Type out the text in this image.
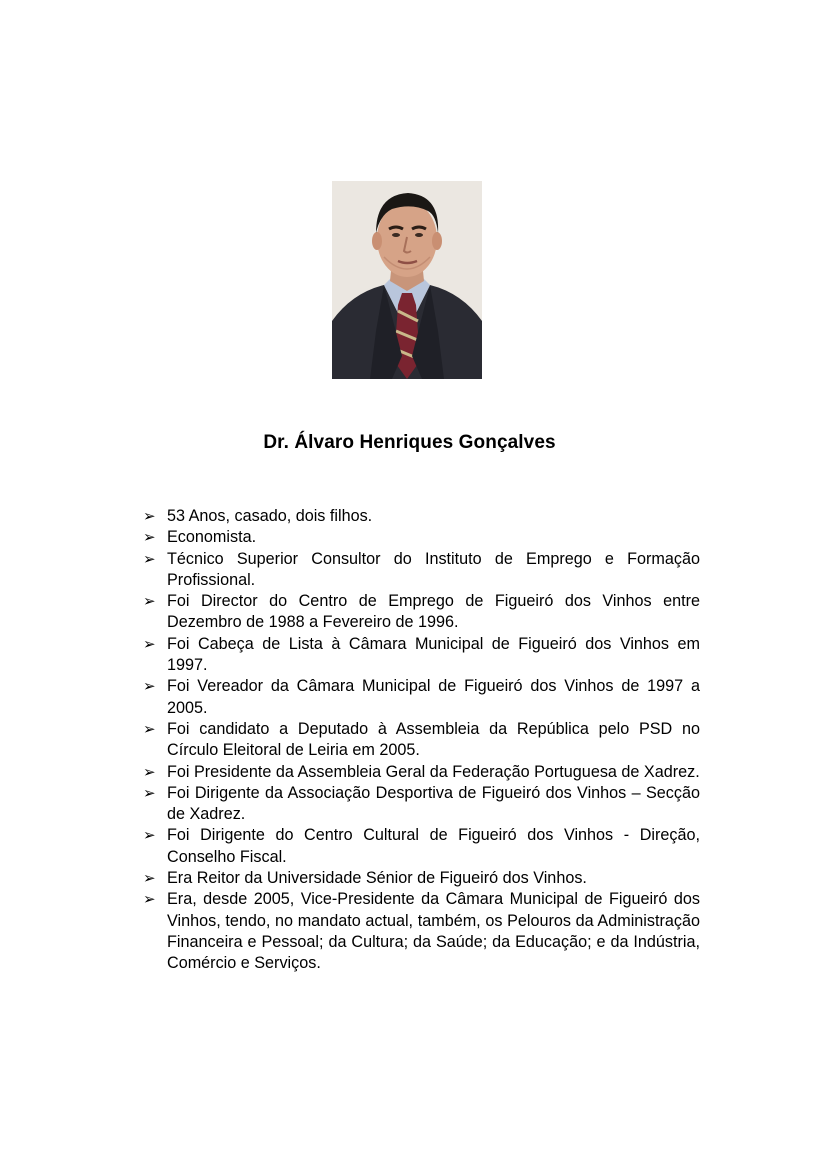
Dr. Álvaro Henriques Gonçalves
➢ 53 Anos, casado, dois filhos.
➢ Economista.
➢ Técnico Superior Consultor do Instituto de Emprego e Formação Profissional.
➢ Foi Director do Centro de Emprego de Figueiró dos Vinhos entre Dezembro de 1988 a Fevereiro de 1996.
➢ Foi Cabeça de Lista à Câmara Municipal de Figueiró dos Vinhos em 1997.
➢ Foi Vereador da Câmara Municipal de Figueiró dos Vinhos de 1997 a 2005.
➢ Foi candidato a Deputado à Assembleia da República pelo PSD no Círculo Eleitoral de Leiria em 2005.
➢ Foi Presidente da Assembleia Geral da Federação Portuguesa de Xadrez.
➢ Foi Dirigente da Associação Desportiva de Figueiró dos Vinhos – Secção de Xadrez.
➢ Foi Dirigente do Centro Cultural de Figueiró dos Vinhos - Direção, Conselho Fiscal.
➢ Era Reitor da Universidade Sénior de Figueiró dos Vinhos.
➢ Era, desde 2005, Vice-Presidente da Câmara Municipal de Figueiró dos Vinhos, tendo, no mandato actual, também, os Pelouros da Administração Financeira e Pessoal; da Cultura; da Saúde; da Educação; e da Indústria, Comércio e Serviços.
